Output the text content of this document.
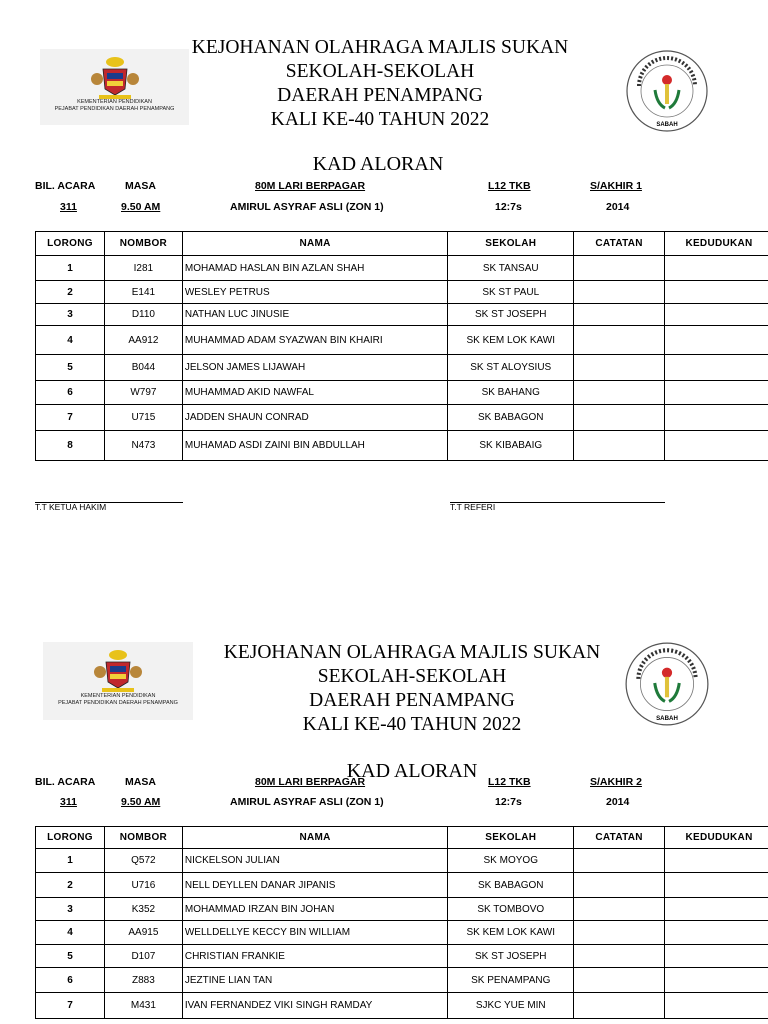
KEMENTERIAN PENDIDIKAN
PEJABAT PENDIDIKAN DAERAH PENAMPANG
KEJOHANAN OLAHRAGA MAJLIS SUKAN
SEKOLAH-SEKOLAH
DAERAH PENAMPANG
KALI KE-40 TAHUN 2022	SABAH
KAD ALORAN
BIL. ACARA
311
MASA
9.50 AM
80M LARI BERPAGAR
AMIRUL ASYRAF ASLI (ZON 1)
L12 TKB
12:7s
S/AKHIR 1
2014
LORONG	NOMBOR	NAMA	SEKOLAH	CATATAN	KEDUDUKAN
1	I281	MOHAMAD HASLAN BIN AZLAN SHAH	SK TANSAU		
2	E141	WESLEY PETRUS	SK ST PAUL		
3	D110	NATHAN LUC JINUSIE	SK ST JOSEPH		
4	AA912	MUHAMMAD ADAM SYAZWAN BIN KHAIRI	SK KEM LOK KAWI		
5	B044	JELSON JAMES LIJAWAH	SK ST ALOYSIUS		
6	W797	MUHAMMAD AKID NAWFAL	SK BAHANG		
7	U715	JADDEN SHAUN CONRAD	SK BABAGON		
8	N473	MUHAMAD ASDI ZAINI BIN ABDULLAH	SK KIBABAIG		
T.T KETUA HAKIM	T.T REFERI
KEMENTERIAN PENDIDIKAN
PEJABAT PENDIDIKAN DAERAH PENAMPANG
KEJOHANAN OLAHRAGA MAJLIS SUKAN
SEKOLAH-SEKOLAH
DAERAH PENAMPANG
KALI KE-40 TAHUN 2022	SABAH
KAD ALORAN
BIL. ACARA
311
MASA
9.50 AM
80M LARI BERPAGAR
AMIRUL ASYRAF ASLI (ZON 1)
L12 TKB
12:7s
S/AKHIR 2
2014
LORONG	NOMBOR	NAMA	SEKOLAH	CATATAN	KEDUDUKAN
1	Q572	NICKELSON JULIAN	SK MOYOG		
2	U716	NELL DEYLLEN DANAR JIPANIS	SK BABAGON		
3	K352	MOHAMMAD IRZAN BIN JOHAN	SK TOMBOVO		
4	AA915	WELLDELLYE KECCY BIN WILLIAM	SK KEM LOK KAWI		
5	D107	CHRISTIAN FRANKIE	SK ST JOSEPH		
6	Z883	JEZTINE LIAN TAN	SK PENAMPANG		
7	M431	IVAN FERNANDEZ VIKI SINGH RAMDAY	SJKC YUE MIN		
